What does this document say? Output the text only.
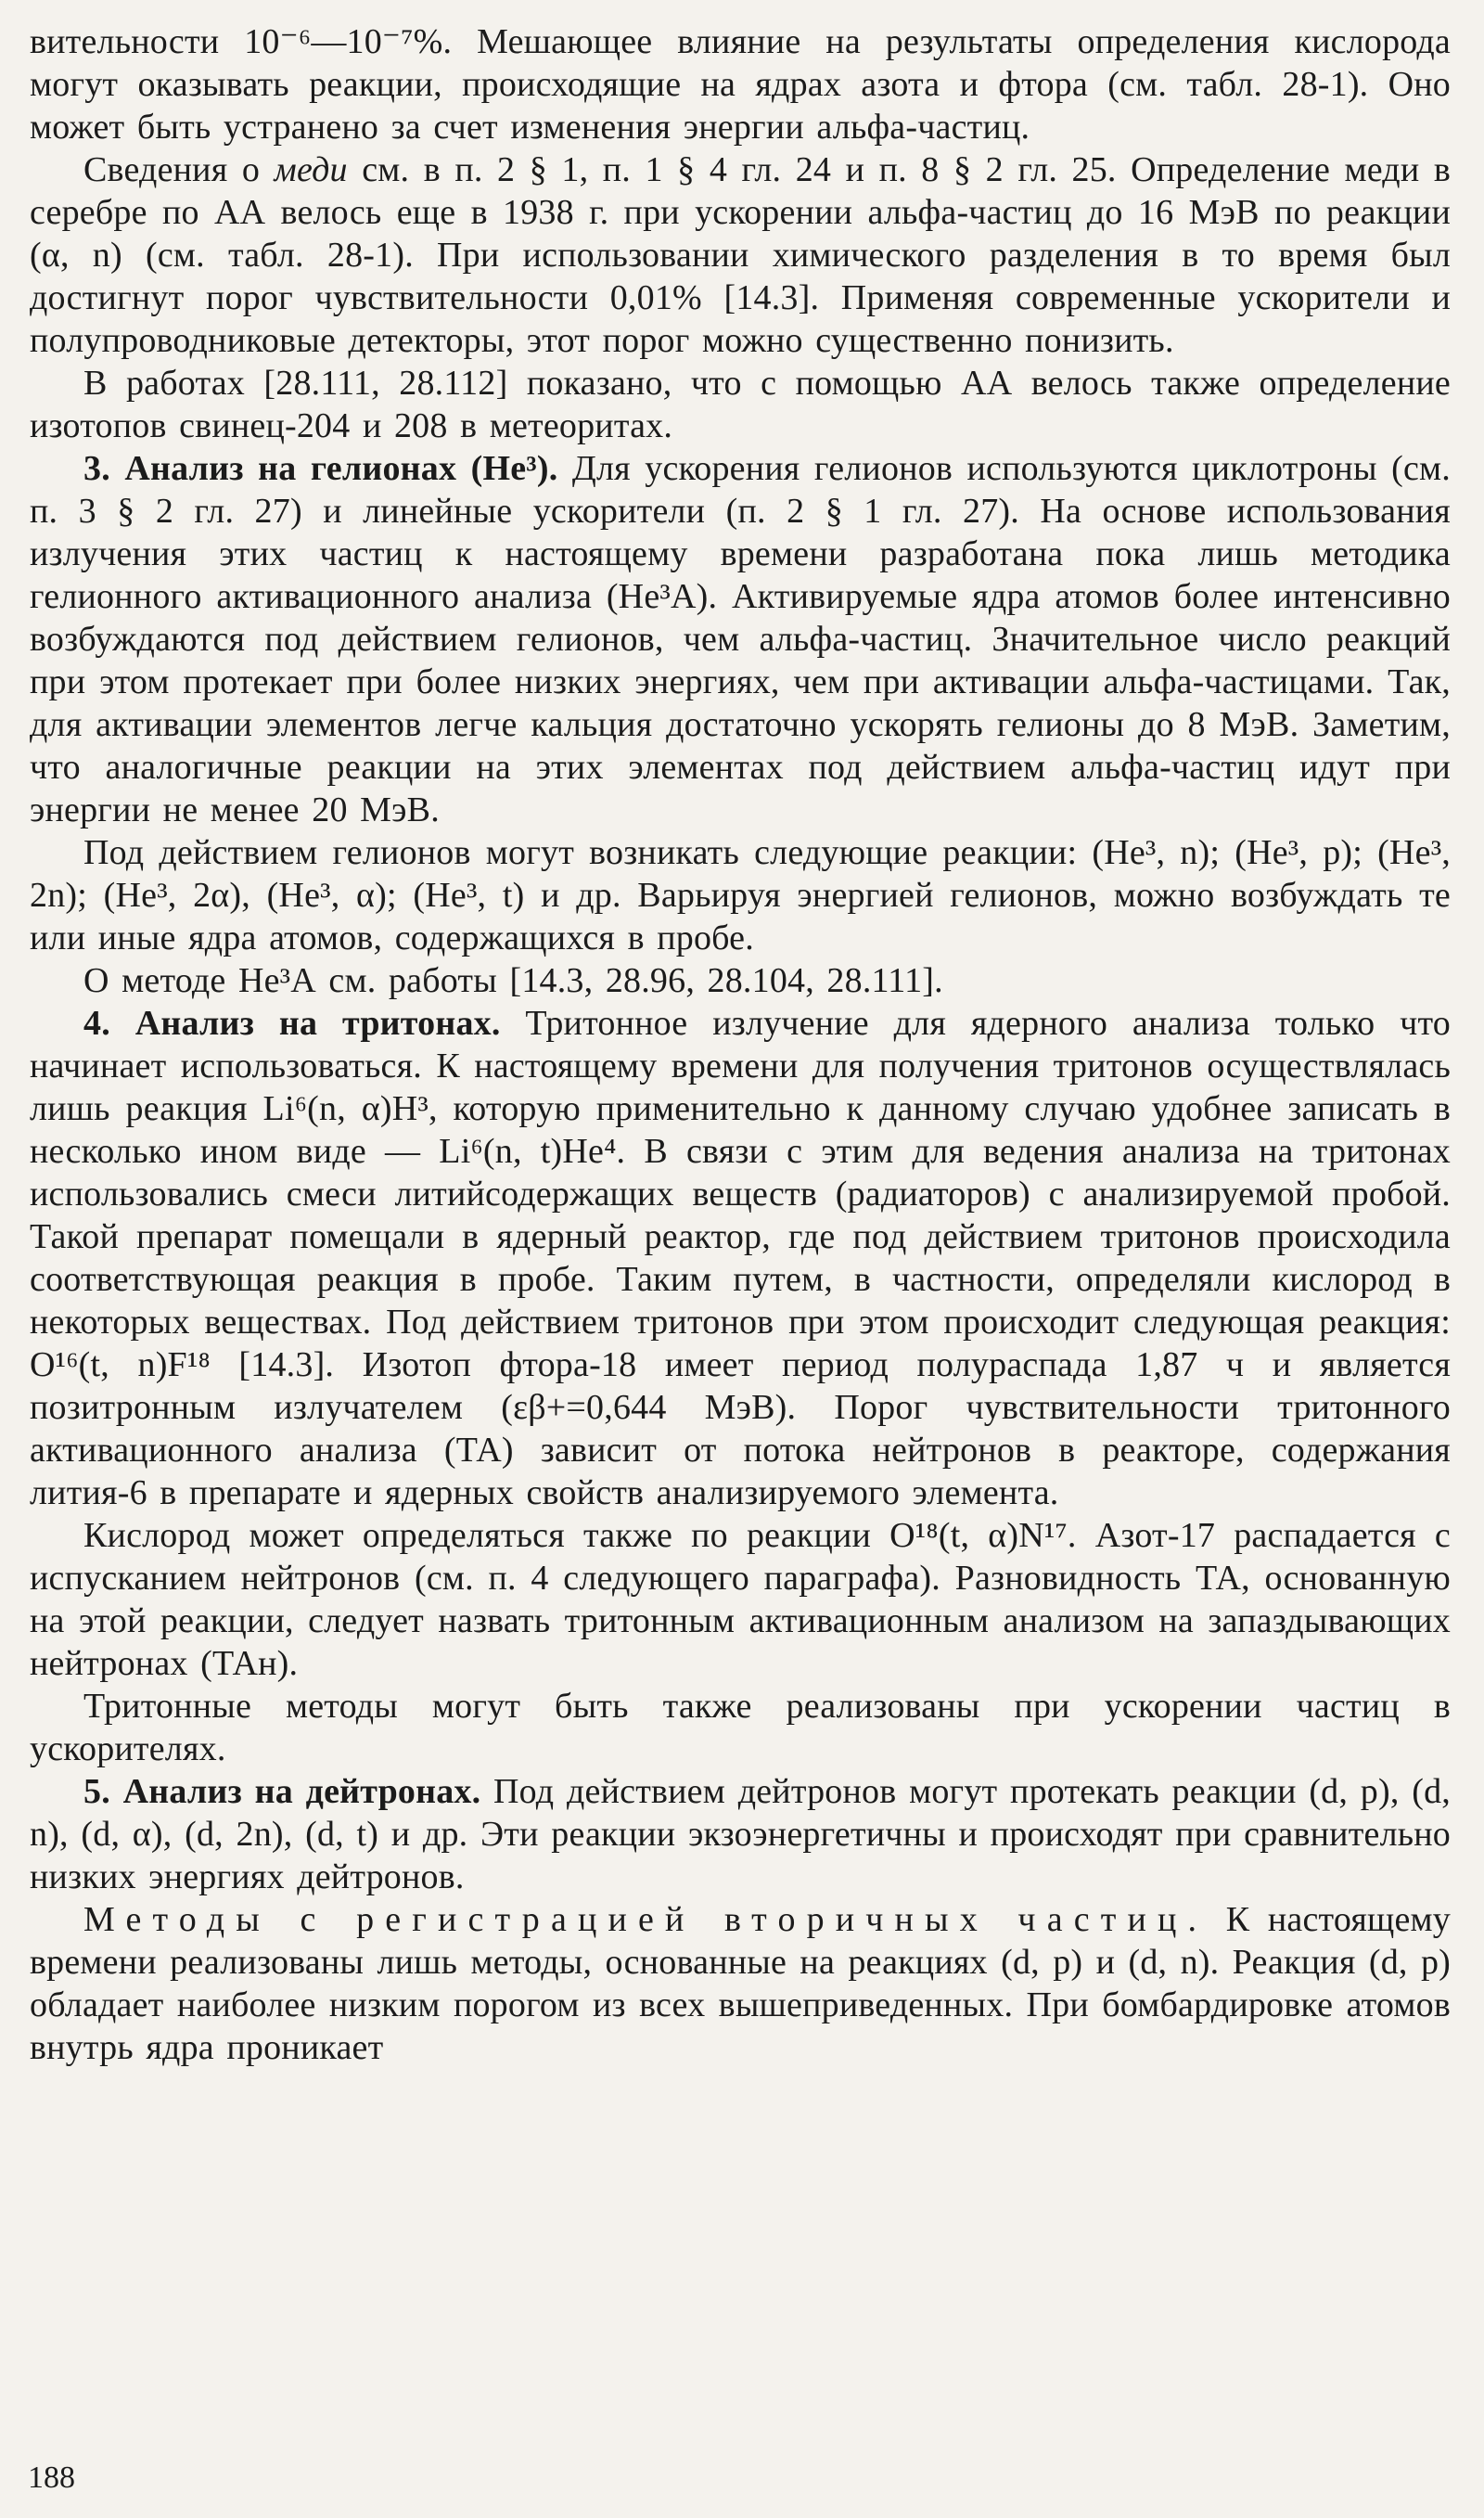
вительности 10⁻⁶—10⁻⁷%. Мешающее влияние на результаты определения кислорода могут оказывать реакции, происходящие на ядрах азота и фтора (см. табл. 28-1). Оно может быть устранено за счет изменения энергии альфа-частиц.

Сведения о меди см. в п. 2 § 1, п. 1 § 4 гл. 24 и п. 8 § 2 гл. 25. Определение меди в серебре по АА велось еще в 1938 г. при ускорении альфа-частиц до 16 МэВ по реакции (α, n) (см. табл. 28-1). При использовании химического разделения в то время был достигнут порог чувствительности 0,01% [14.3]. Применяя современные ускорители и полупроводниковые детекторы, этот порог можно существенно понизить.

В работах [28.111, 28.112] показано, что с помощью АА велось также определение изотопов свинец-204 и 208 в метеоритах.

3. Анализ на гелионах (He³). Для ускорения гелионов используются циклотроны (см. п. 3 § 2 гл. 27) и линейные ускорители (п. 2 § 1 гл. 27). На основе использования излучения этих частиц к настоящему времени разработана пока лишь методика гелионного активационного анализа (He³А). Активируемые ядра атомов более интенсивно возбуждаются под действием гелионов, чем альфа-частиц. Значительное число реакций при этом протекает при более низких энергиях, чем при активации альфа-частицами. Так, для активации элементов легче кальция достаточно ускорять гелионы до 8 МэВ. Заметим, что аналогичные реакции на этих элементах под действием альфа-частиц идут при энергии не менее 20 МэВ.

Под действием гелионов могут возникать следующие реакции: (He³, n); (He³, p); (He³, 2n); (He³, 2α), (He³, α); (He³, t) и др. Варьируя энергией гелионов, можно возбуждать те или иные ядра атомов, содержащихся в пробе.

О методе He³А см. работы [14.3, 28.96, 28.104, 28.111].

4. Анализ на тритонах. Тритонное излучение для ядерного анализа только что начинает использоваться. К настоящему времени для получения тритонов осуществлялась лишь реакция Li⁶(n, α)H³, которую применительно к данному случаю удобнее записать в несколько ином виде — Li⁶(n, t)He⁴. В связи с этим для ведения анализа на тритонах использовались смеси литийсодержащих веществ (радиаторов) с анализируемой пробой. Такой препарат помещали в ядерный реактор, где под действием тритонов происходила соответствующая реакция в пробе. Таким путем, в частности, определяли кислород в некоторых веществах. Под действием тритонов при этом происходит следующая реакция: O¹⁶(t, n)F¹⁸ [14.3]. Изотоп фтора-18 имеет период полураспада 1,87 ч и является позитронным излучателем (εβ+=0,644 МэВ). Порог чувствительности тритонного активационного анализа (ТА) зависит от потока нейтронов в реакторе, содержания лития-6 в препарате и ядерных свойств анализируемого элемента.

Кислород может определяться также по реакции O¹⁸(t, α)N¹⁷. Азот-17 распадается с испусканием нейтронов (см. п. 4 следующего параграфа). Разновидность ТА, основанную на этой реакции, следует назвать тритонным активационным анализом на запаздывающих нейтронах (ТАн).

Тритонные методы могут быть также реализованы при ускорении частиц в ускорителях.

5. Анализ на дейтронах. Под действием дейтронов могут протекать реакции (d, p), (d, n), (d, α), (d, 2n), (d, t) и др. Эти реакции экзоэнергетичны и происходят при сравнительно низких энергиях дейтронов.

Методы с регистрацией вторичных частиц. К настоящему времени реализованы лишь методы, основанные на реакциях (d, p) и (d, n). Реакция (d, p) обладает наиболее низким порогом из всех вышеприведенных. При бомбардировке атомов внутрь ядра проникает

188
